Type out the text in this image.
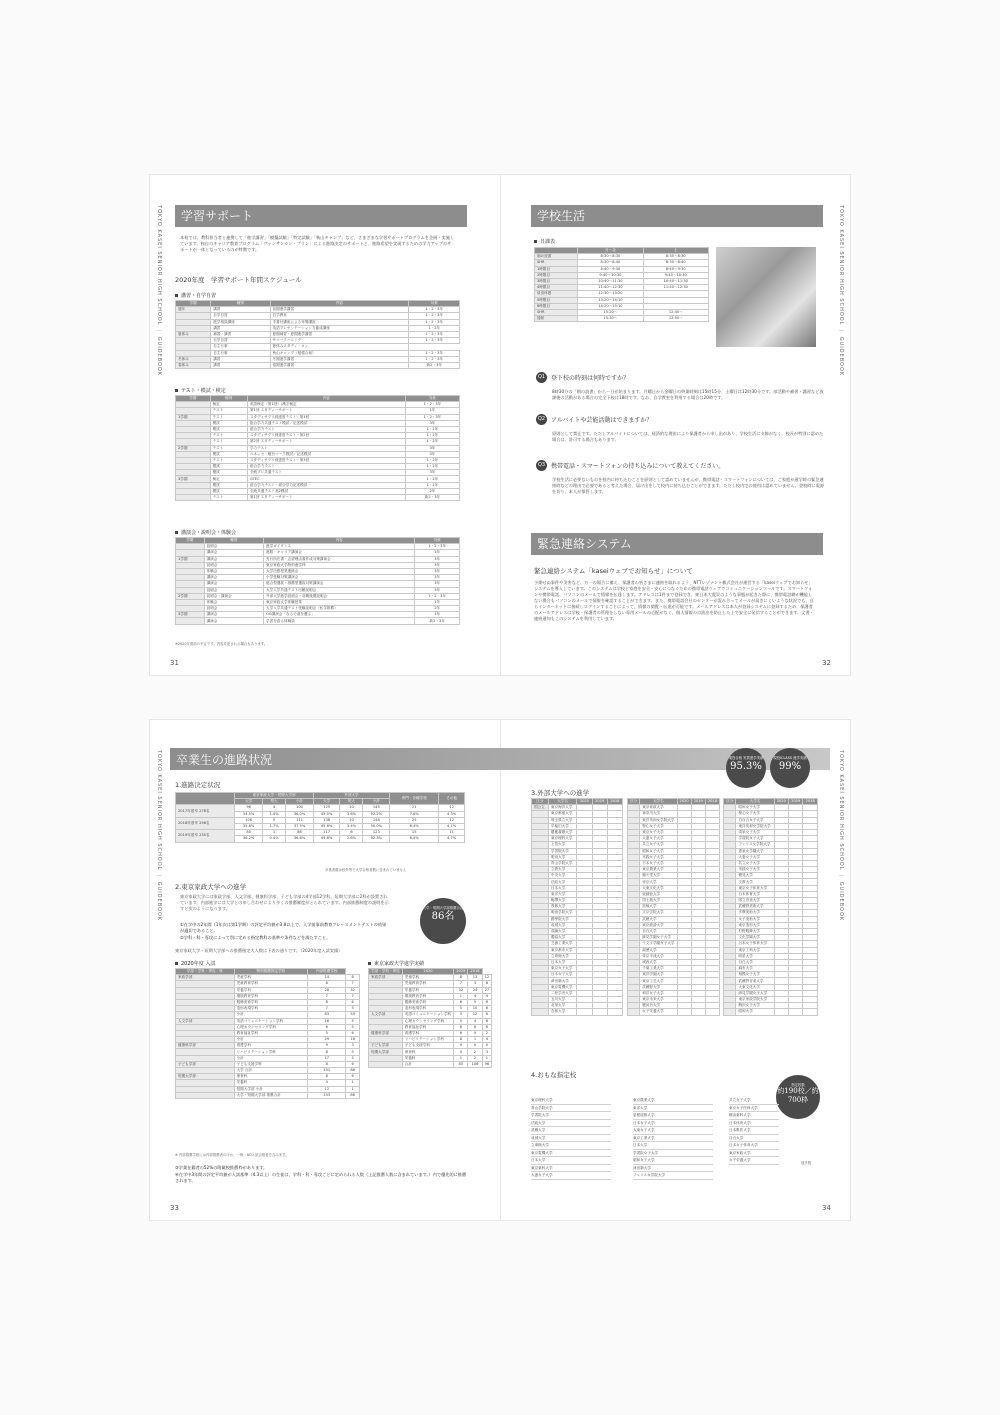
TOKYO KASEI SENIOR HIGH SCHOOL ｜ GUIDEBOOK
学習サポート
本校では、教科担当者と連携して「進学講習」「模擬試験」「特定試験」「秋山キャンプ」など、さまざまな学習サポートプログラムを企画・実施しています。独自のキャリア教育プログラム「ヴァンサンカン・プラン」による進路決定のサポートと、進路希望を実現するための学力アップのサポートが一体となっているのが特徴です。
2020年度　学習サポート年間スケジュール
講習・自学自習
学期	種別	内容	対象
通年	講習	前期進学講習	1・2・3年
	自学自習	自学教室	1・2・3年
	進学相談講座	手書付講座による年間講座	1・2・3年
	講習	英語プレゼンテーション力養成講座	1・2年
夏休み	補習・講習	夏期補習・夏期進学講習	1・2・3年
	自学自習	サマーラーニング	1・2・3年
	自主行事	夏休みスタディ・オン	
	自主行事	秋山キャンプ（勉強合宿）	1・2・3年
冬休み	講習	冬期進学講習	1・2・3年
春休み	講習	春期進学講習	新2・3年
テスト・模試・検定
学期	種別	内容	対象
	検定	英語検定（第1回）/漢字検定	1・2・3年
	テスト	第1回 スタディーサポート	1年
1学期	テスト	スタディサプリ到達度テスト・第1回	1・2・3年
	模試	総合学力共通テスト模試／記述模試	3年
	模試	総合学力テスト	1・2年
	テスト	スタディサプリ到達度テスト・第2回	1・2年
	テスト	第2回 スタディーサポート	1・2年
2学期	テスト	学力テスト	3年
	模試	ベネッセ・駿台マーク模試／記述模試	3年
	テスト	スタディサプリ到達度テスト・第3回	1・2年
	模試	総合学力テスト	1・2年
	模試	全統プレ共通テスト	3年
3学期	検定	GTEC	1・2年
	模試	総合学力テスト・総合学力記述模試	1・2年
	模試	全統共通テスト高2模試	2年
	テスト	第1回 スタディーサポート	新2・3年
講演会・説明会・体験会
学期	種別	内容	対象
	説明会	進学ガイダンス	1・2・3年
	講演会	進路・キャリア講演会	1年
1学期	講演会	先行所在書・志望理由書作成対策講演会	3年
	説明会	東京家政大学特別進学枠	3年
	体験会	大学出張授業連絡会	3年
	講演会	小学受験対策講演会	3年
	講演会	総合型選抜・推薦型選抜対策講演会	3年
	説明会	大学入学共通テスト出願説明会	3年
2学期	説明会・講演会	外部大学進学説明会・前期後期説明会	1・2・3年
	体験会	東京家政大学体験授業	1年
	説明会	大学入学共通テスト受験説明会（私学推薦）	2年
3学期	講演会	OG講演会「なるで道を選ぶ」	1年
	講演会	学習を語る体験談	新2・3年
※2020年度前の予定です。内容変更される場合もあります。
31
TOKYO KASEI SENIOR HIGH SCHOOL ｜ GUIDEBOOK
学校生活
日課表
	月〜金	土
朝の読書	8:30〜8:30	8:30〜8:30
SHR	8:30〜8:40	8:30〜8:40
1時限目	8:40〜9:30	8:40〜9:30
2時限目	9:40〜10:30	9:40〜10:30
3時限目	10:40〜11:30	10:40〜11:30
4時限目	11:40〜12:30	11:40〜12:30
昼食休憩	12:30〜13:20	
5時限目	13:20〜14:10	
6時限目	14:20〜15:10	
SHR	15:20〜	12:40〜
掃除	15:30〜	12:50〜
Q1 登下校の時刻は何時ですか？
8時30分の「朝の読書」からー日が始まります。月曜日から金曜日の終業時刻は15時15分、土曜日は12時30分です。部活動や補習・講習など放課後の活動がある場合の完全下校は18時です。なお、自学教室を利用する場合は20時です。
Q2 アルバイトや芸能活動はできますか？
原則として禁止です。ただしアルバイトについては、経済的な理由により保護者から申し出があり、学校生活に支障がなく、校長が特別に認めた場合は、許可する場合もあります。
Q3 携帯電話・スマートフォンの持ち込みについて教えてください。
学校生活に必要ないものを校内に持ち込むことを原則として認めていませんが、携帯電話・スマートフォンについては、ご家庭が通学時の緊急連絡時などの理由で必要であると考えた場合、届け出をして校内に持ち込むことができます。ただし校内での使用は認めていません。登校時に電源を切り、本人が保管します。
緊急連絡システム
緊急連絡システム「kaseiウェブでお知らせ」について
予期せぬ事件や災害など、万一の場合に備え、保護者の皆さまに連絡を取れるよう、NTTレゾナント株式会社が運営する「kaseiウェブでお知らせ」システムを導入しています。このシステムは学校と家庭を安全・安心につなぐための携帯電話ウェブでコミュニケーションツールです。スマートフォンや携帯電話、パソコンのメールで情報を伝達します。アドレスは1件まで登録でき、東日本大震災のような事態が起きた際に、携帯電話網が機能しない場合もパソコンのメールで情報を確認することができます。また、携帯電話会社のセンターが混み合ってメールが届きにくいような状況でも、自らインターネットに接続しログインすることによって、情報の閲覧・伝達が可能です。メールアドレスは本人が登録システムに登録するため、保護者のメールアドレスは学校・保護者の管理をしない専用メールの心配がなく、個人情報のの流出を防止した上で安全に発信することができます。文書・連絡通知もこのシステムを利用しています。
32
TOKYO KASEI SENIOR HIGH SCHOOL ｜ GUIDEBOOK
卒業生の進路状況
1.進路決定状況
	東京家政大学・短期大学部			外部大学			専門・各種学校	その他
	大学	短大	小計	大学	短大	小計		
2017年度卒 278名	96	4	100	125	10	145	21	12
	34.5%	1.4%	36.0%	45.0%	3.6%	52.2%	7.6%	4.3%
2018年度卒 296名	106	5	111	138	10	148	25	12
	35.8%	1.7%	37.5%	45.6%	3.4%	50.0%	8.4%	4.1%
2019年度卒 235名	85	1	86	117	6	123	15	11
	36.2%	0.4%	36.6%	49.8%	2.6%	52.3%	6.4%	4.7%
卒業者数は校外等で大学合格者数に含まれていません
2.東京家政大学への進学
東京家政大学には家政学部、人文学部、健康科学部、子ども学部の4学部12学科、短期大学部に2科が設置されています。内部進学には大学との申し合わせにより多くの推薦制度がとられています。内部推薦制度の説明を示すと次のようになります。
①在学中の2年間（1年次は第1学期）の評定平均値が3.8以上で、入学前事前教育ブレースメントテストの結果が適切であること。
②学科・科・専攻によって別に定める指定教科の基準や条件などを満たすこと。
東京家政大学・短期大学部への推薦指定大人数は下表の通りです。（2020年度入試実績）
大学・短期大学部推薦合計
86名
2020年度 入試
学部・学科・専攻・科	特別推薦指定学校	内部推薦学校	
家政学部	児童学科	14	8
	児童教育学科	8	7
	栄養学科	28	32
	環境教育学科	7	7
	服飾美術学科	8	6
	造形表現学科	7	5
	小計	83	59
人文学部	英語コミュニケーション学科	16	5
	心理カウンセリング学科	6	5
	教育福祉学科	5	6
	小計	29	16
健康科学部	看護学科	9	3
	リハビリテーション学科	8	5
	小計	17	5
子ども学部	子ども支援学科	8	6
	大学 合計	151	86
短期大学部	保育科	8	6
	栄養科	4	1
	短期大学部 小計	12	1
	大学・短期大学部 推薦合計	153	86
※ 内部推薦学校には内部推薦者のほか、一般・AO入試合格者を含みます。
東京家政大学進学実績
学部・学科・専攻	2020	2019	2018	
家政学部	児童学科	8	13	12
	児童教育学科	7	3	8
	栄養学科	32	24	27
	環境教育学科	1	4	4
	服飾美術学科	6	5	6
	造形表現学科	5	10	6
人文学部	英語コミュニケーション学科	5	12	6
	心理カウンセリング学科	5	4	6
	教育福祉学科	6	6	6
健康科学部	看護学科	6	9	2
	リハビリテーション学科	8	1	4
子ども学部	子ども支援学科	0	0	0
短期大学部	保育科	0	2	3
	栄養科	1	2	1
	合計	85	106	96
③学業在籍者の52%の附属校推薦枠があります。
④在学中3年間の評定平均値が入試基準（4.3以上）の生徒は、学科・科・専攻ごとに定められる人数（上記推薦人数に含まれています。）内で優先的に推薦されます。
33
TOKYO KASEI SENIOR HIGH SCHOOL ｜ GUIDEBOOK
現役合格 実質進学実績
95.3%
現役ICLASS 進学実績
99%
3.外部大学への進学
区分	大学名	2020	2019	2018
国公立	東京海洋大学			
	東京都留大学			
	埼玉県立大学			
	早稲田大学			
	慶應義塾大学			
	東京理科大学			
	上智大学			
	学習院大学			
	明治大学			
	青山学院大学			
	立教大学			
	中央大学			
	法政大学			
	日本大学			
	東洋大学			
	駒澤大学			
	専修大学			
	明治学院大学			
	國學院大学			
	成城大学			
	成蹊大学			
	獨協大学			
	芝浦工業大学			
	東京都市大学			
	立命館大学			
	日本大学			
	東京女子大学			
	日本女子大学			
	津田塾大学			
	東京電機大学			
	二松学舎大学			
	玉川大学			
	北里大学			
	杏林大学			
区分	大学名	2020	2019	2018
	東京家政大学			
	神奈川大学			
	東洋英和女学院大学			
	聖心女子大学			
	東京女子大学			
	大妻女子大学			
	共立女子大学			
	昭和女子大学			
	実践女子大学			
	日本女子大学			
	東京農業大学			
	順天堂大学			
	帝京大学			
	大東文化大学			
	亜細亜大学			
	国士舘大学			
	拓殖大学			
	文京学院大学			
	武蔵大学			
	東京経済大学			
	目白大学			
	跡見学園女子大学			
	十文字学園女子大学			
	淑徳大学			
	帝京平成大学			
	城西大学			
	千葉工業大学			
	東洋学園大学			
	東京工芸大学			
	武蔵野大学			
	和洋女子大学			
	東京未来大学			
	駿河台大学			
	女子栄養大学			
区分	大学名	2020	2019	2018
	昭和女子大学			
	聖心女子大学			
	白百合女子大学			
	東洋英和女学院大学			
	清泉女子大学			
	学習院女子大学			
	フェリス女学院大学			
	恵泉女学園大学			
	大妻女子大学			
	共立女子大学			
	実践女子大学			
	鶴見大学			
	文教大学			
	東京女子体育大学			
	日本体育大学			
	国立音楽大学			
	武蔵野美術大学			
	多摩美術大学			
	女子美術大学			
	東京造形大学			
	杉野服飾大学			
	文化学園大学			
	日本女子体育大学			
	東京工科大学			
	明星大学			
	目白大学			
	麻布大学			
	相模女子大学			
	武蔵野音楽大学			
	大東文化大学			
	跡見学園女子大学			
	東京家政学院大学			
	駒沢女子大学			
	昭和大学			
4.おもな指定校
指定校数
約190校／約700枠
東京理科大学
青山学院大学
学習院大学
法政大学
武蔵大学
成城大学
立命館大学
東京電機大学
日本大学
東京薬科大学
大妻女子大学
東京農業大学
東洋大学
星槎道都大学
日本女子大学
大東女子大学
東京工業大学
日本大学
学習院女子大学
昭和女子大学
津田塾大学
フェリス女学院大学
共立女子大学
東京女子医科大学
横浜薬科大学
日本体育大学
日本獣医大学
目白大学
日本女子体育大学
東京家政大学
女子栄養大学
他多数
34
